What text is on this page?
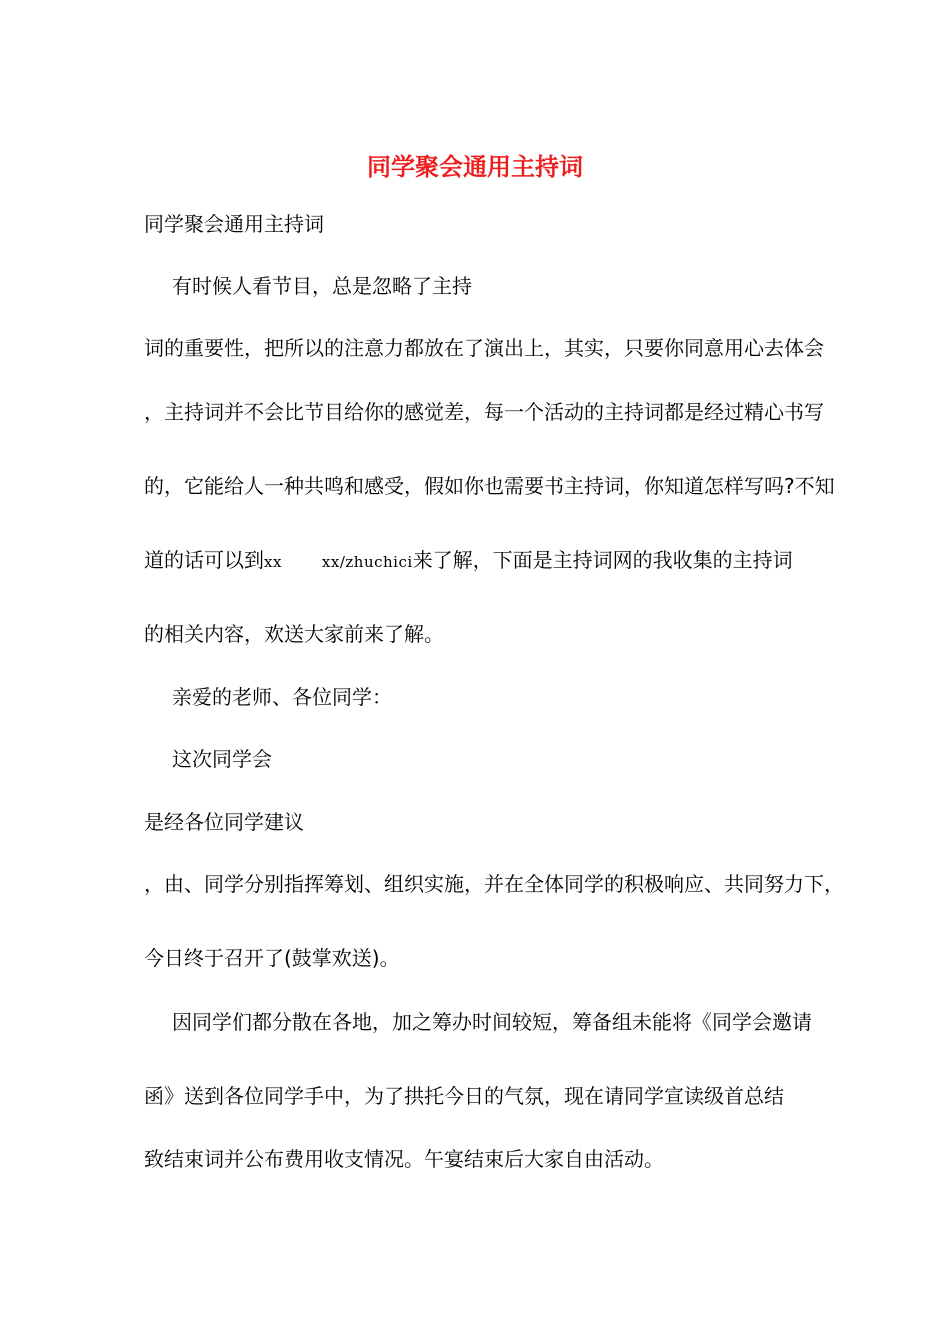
同学聚会通用主持词
同学聚会通用主持词
有时候人看节目，总是忽略了主持
词的重要性，把所以的注意力都放在了演出上，其实，只要你同意用心去体会
，主持词并不会比节目给你的感觉差，每一个活动的主持词都是经过精心书写
的，它能给人一种共鸣和感受，假如你也需要书主持词，你知道怎样写吗?不知
道的话可以到xx	xx/zhuchici来了解，下面是主持词网的我收集的主持词
的相关内容，欢送大家前来了解。
亲爱的老师、各位同学：
这次同学会
是经各位同学建议
，由、同学分别指挥筹划、组织实施，并在全体同学的积极响应、共同努力下，
今日终于召开了(鼓掌欢送)。
因同学们都分散在各地，加之筹办时间较短，筹备组未能将《同学会邀请
函》送到各位同学手中，为了拱托今日的气氛，现在请同学宣读级首总结
致结束词并公布费用收支情况。午宴结束后大家自由活动。
